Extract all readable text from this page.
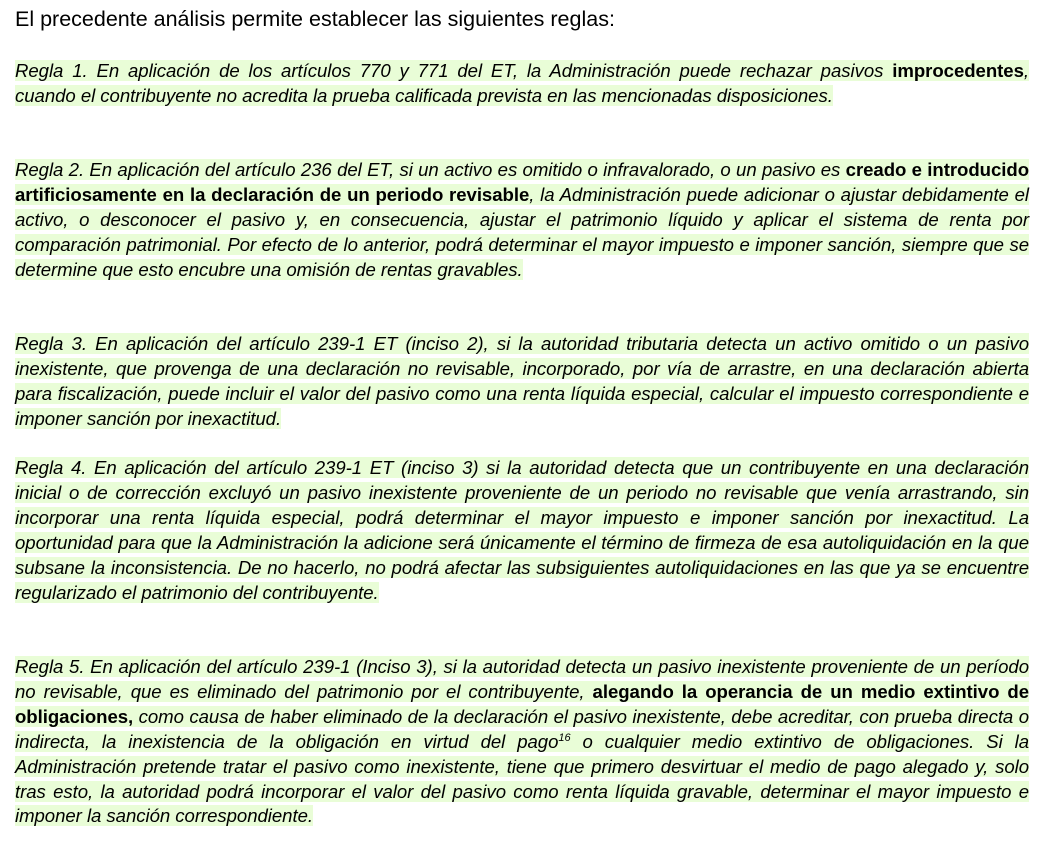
El precedente análisis permite establecer las siguientes reglas:

Regla 1. En aplicación de los artículos 770 y 771 del ET, la Administración puede rechazar pasivos improcedentes, cuando el contribuyente no acredita la prueba calificada prevista en las mencionadas disposiciones.

Regla 2. En aplicación del artículo 236 del ET, si un activo es omitido o infravalorado, o un pasivo es creado e introducido artificiosamente en la declaración de un periodo revisable, la Administración puede adicionar o ajustar debidamente el activo, o desconocer el pasivo y, en consecuencia, ajustar el patrimonio líquido y aplicar el sistema de renta por comparación patrimonial. Por efecto de lo anterior, podrá determinar el mayor impuesto e imponer sanción, siempre que se determine que esto encubre una omisión de rentas gravables.

Regla 3. En aplicación del artículo 239-1 ET (inciso 2), si la autoridad tributaria detecta un activo omitido o un pasivo inexistente, que provenga de una declaración no revisable, incorporado, por vía de arrastre, en una declaración abierta para fiscalización, puede incluir el valor del pasivo como una renta líquida especial, calcular el impuesto correspondiente e imponer sanción por inexactitud.

Regla 4. En aplicación del artículo 239-1 ET (inciso 3) si la autoridad detecta que un contribuyente en una declaración inicial o de corrección excluyó un pasivo inexistente proveniente de un periodo no revisable que venía arrastrando, sin incorporar una renta líquida especial, podrá determinar el mayor impuesto e imponer sanción por inexactitud. La oportunidad para que la Administración la adicione será únicamente el término de firmeza de esa autoliquidación en la que subsane la inconsistencia. De no hacerlo, no podrá afectar las subsiguientes autoliquidaciones en las que ya se encuentre regularizado el patrimonio del contribuyente.

Regla 5. En aplicación del artículo 239-1 (Inciso 3), si la autoridad detecta un pasivo inexistente proveniente de un período no revisable, que es eliminado del patrimonio por el contribuyente, alegando la operancia de un medio extintivo de obligaciones, como causa de haber eliminado de la declaración el pasivo inexistente, debe acreditar, con prueba directa o indirecta, la inexistencia de la obligación en virtud del pago$^{16}$ o cualquier medio extintivo de obligaciones. Si la Administración pretende tratar el pasivo como inexistente, tiene que primero desvirtuar el medio de pago alegado y, solo tras esto, la autoridad podrá incorporar el valor del pasivo como renta líquida gravable, determinar el mayor impuesto e imponer la sanción correspondiente.
